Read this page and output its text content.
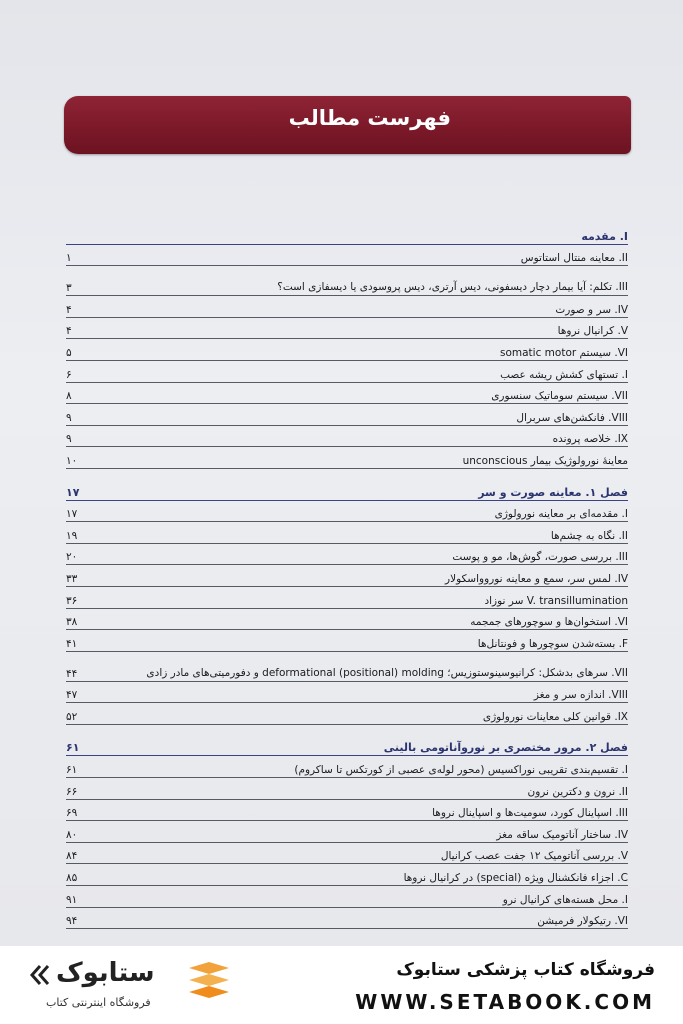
فهرست مطالب
I. مقدمه
II. معاینه منتال استاتوس
۱
III. تکلم: آیا بیمار دچار دیسفونی، دیس آرتری، دیس پروسودی یا دیسفازی است؟
۳
IV. سر و صورت
۴
V. کرانیال نروها
۴
VI. سیستم somatic motor
۵
I. تستهای کشش ریشه عصب
۶
VII. سیستم سوماتیک سنسوری
۸
VIII. فانکشن‌های سربرال
۹
IX. خلاصه پرونده
۹
معاینهٔ نورولوژیک بیمار unconscious
۱۰
فصل ۱. معاینه صورت و سر
۱۷
I. مقدمه‌ای بر معاینه نورولوژی
۱۷
II. نگاه به چشم‌ها
۱۹
III. بررسی صورت، گوش‌ها، مو و پوست
۲۰
IV. لمس سر، سمع و معاینه نورو‌واسکولار
۳۳
V. transillumination سر نوزاد
۳۶
VI. استخوان‌ها و سوچورهای جمجمه
۳۸
F. بسته‌شدن سوچورها و فونتانل‌ها
۴۱
VII. سرهای بدشکل: کرانیوسینوستوزیس؛ deformational (positional) molding و دفورمیتی‌های مادر زادی
۴۴
VIII. اندازه سر و مغز
۴۷
IX. قوانین کلی معاینات نورولوژی
۵۲
فصل ۲. مرور مختصری بر نوروآناتومی بالینی
۶۱
I. تقسیم‌بندی تقریبی نوراکسیس (محور لوله‌ی عصبی از کورتکس تا ساکروم)
۶۱
II. نرون و دکترین نرون
۶۶
III. اسپاینال کورد، سومیت‌ها و اسپاینال نروها
۶۹
IV. ساختار آناتومیک ساقه مغز
۸۰
V. بررسی آناتومیک ۱۲ جفت عصب کرانیال
۸۴
C. اجزاء فانکشنال ویژه (special) در کرانیال نروها
۸۵
I. محل هسته‌های کرانیال نرو
۹۱
VI. رتیکولار فرمیشن
۹۴
فروشگاه کتاب پزشکی ستابوک
WWW.SETABOOK.COM
ستابوک
فروشگاه اینترنتی کتاب
